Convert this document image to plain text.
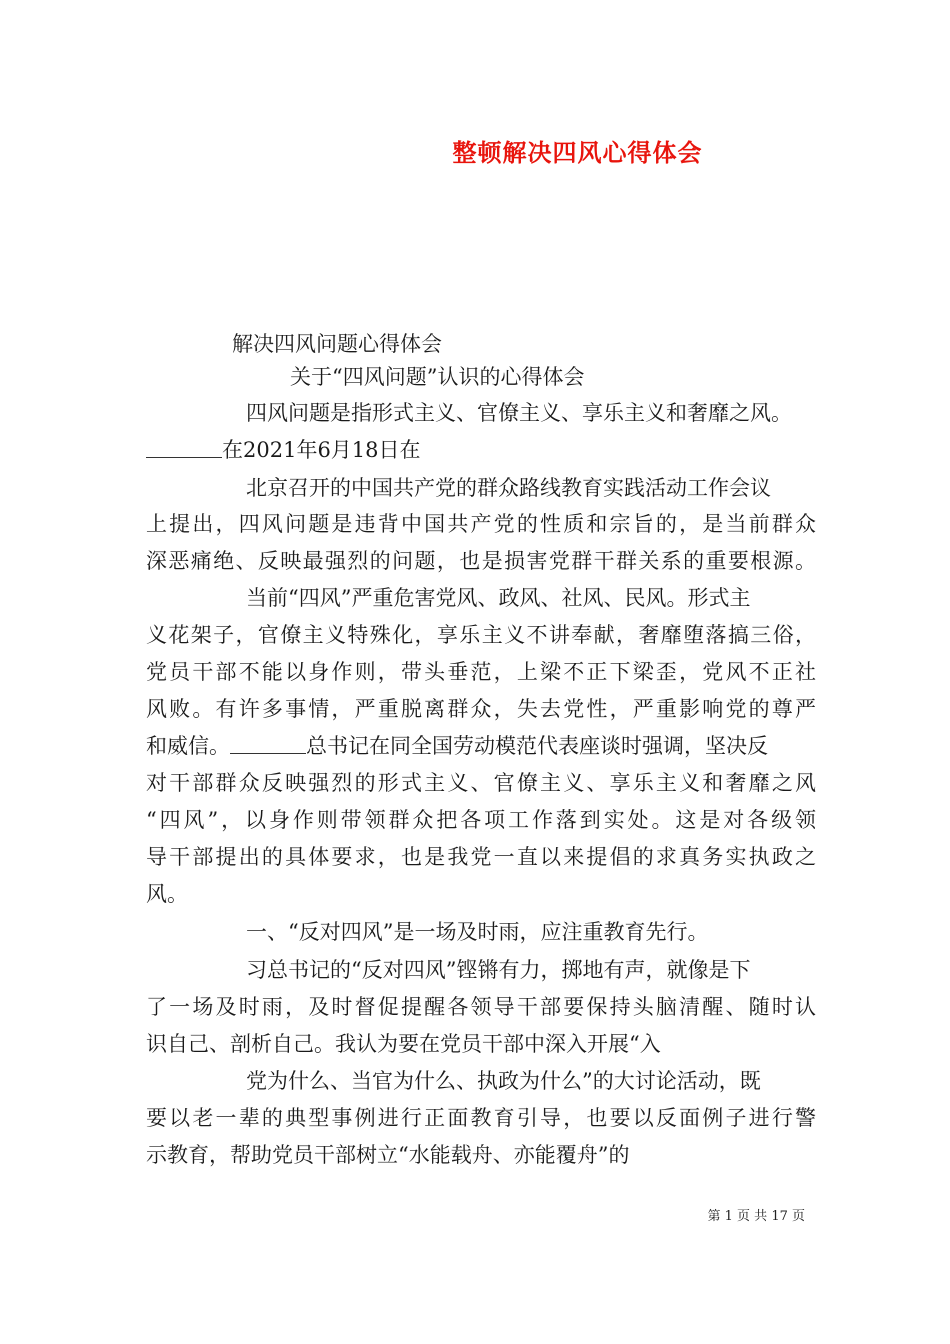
整顿解决四风心得体会
解决四风问题心得体会
关于“四风问题”认识的心得体会
四风问题是指形式主义、官僚主义、享乐主义和奢靡之风。
在2021年6月18日在
北京召开的中国共产党的群众路线教育实践活动工作会议
上提出，四风问题是违背中国共产党的性质和宗旨的，是当前群众
深恶痛绝、反映最强烈的问题，也是损害党群干群关系的重要根源。
当前“四风”严重危害党风、政风、社风、民风。形式主
义花架子，官僚主义特殊化，享乐主义不讲奉献，奢靡堕落搞三俗，
党员干部不能以身作则，带头垂范，上梁不正下梁歪，党风不正社
风败。有许多事情，严重脱离群众，失去党性，严重影响党的尊严
和威信。	总书记在同全国劳动模范代表座谈时强调，坚决反
对干部群众反映强烈的形式主义、官僚主义、享乐主义和奢靡之风
“四风”，以身作则带领群众把各项工作落到实处。这是对各级领
导干部提出的具体要求，也是我党一直以来提倡的求真务实执政之
风。
一、“反对四风”是一场及时雨，应注重教育先行。
习总书记的“反对四风”铿锵有力，掷地有声，就像是下
了一场及时雨，及时督促提醒各领导干部要保持头脑清醒、随时认
识自己、剖析自己。我认为要在党员干部中深入开展“入
党为什么、当官为什么、执政为什么”的大讨论活动，既
要以老一辈的典型事例进行正面教育引导，也要以反面例子进行警
示教育，帮助党员干部树立“水能载舟、亦能覆舟”的
第 1 页 共 17 页
